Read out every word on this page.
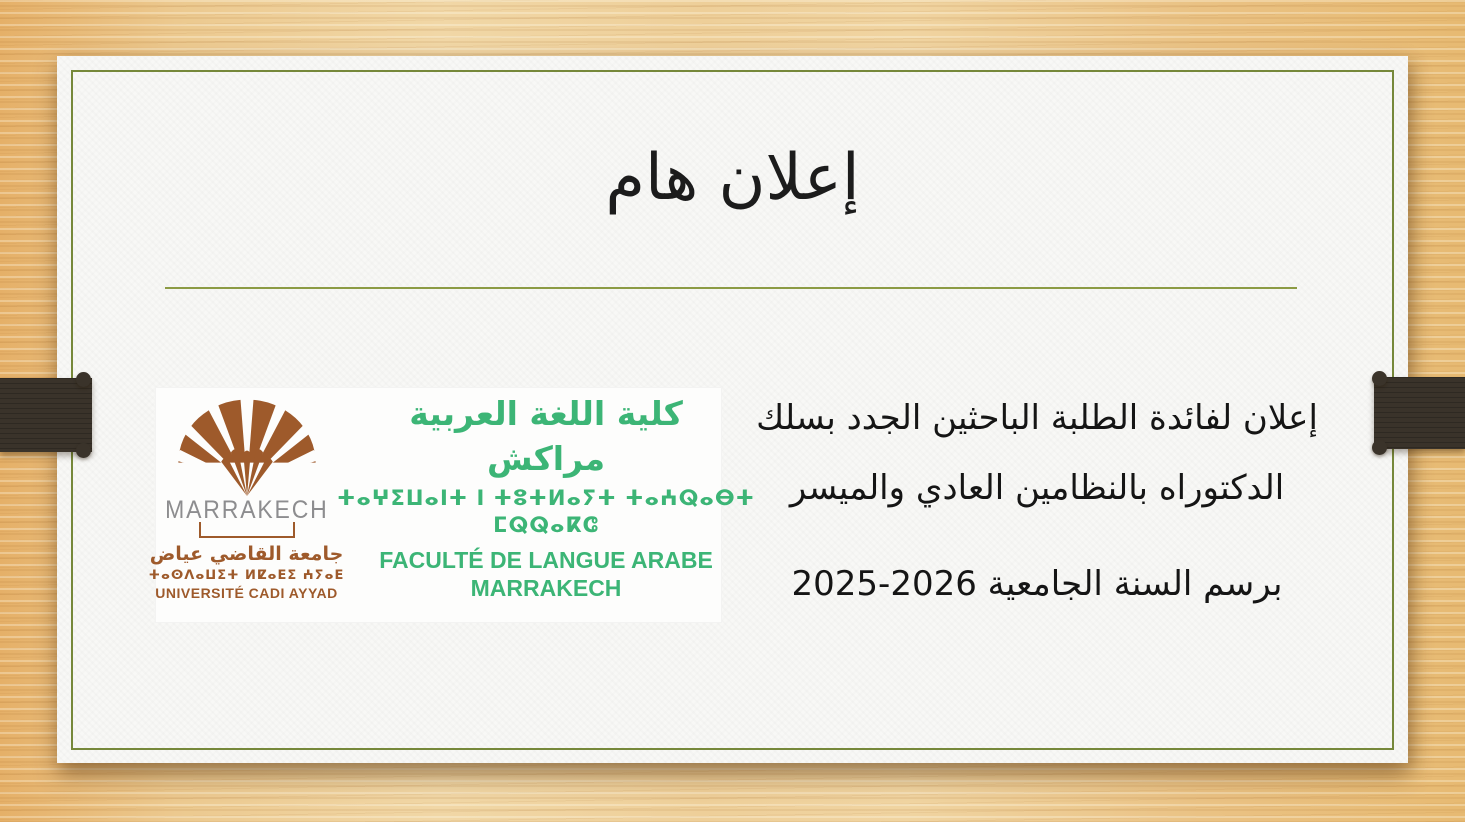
إعلان هام
MARRAKECH
جامعة القاضي عياض
ⵜⴰⵙⴷⴰⵡⵉⵜ ⵍⵇⴰⴹⵉ ⵄⵢⴰⴹ
UNIVERSITÉ CADI AYYAD
كلية اللغة العربية
مراكش
ⵜⴰⵖⵉⵡⴰⵏⵜ ⵏ ⵜⵓⵜⵍⴰⵢⵜ ⵜⴰⵄⵕⴰⴱⵜ
ⵎⵕⵕⴰⴽⵛ
FACULTÉ DE LANGUE ARABE
MARRAKECH
إعلان لفائدة الطلبة الباحثين الجدد بسلك
الدكتوراه بالنظامين العادي والميسر
برسم السنة الجامعية 2026-2025
